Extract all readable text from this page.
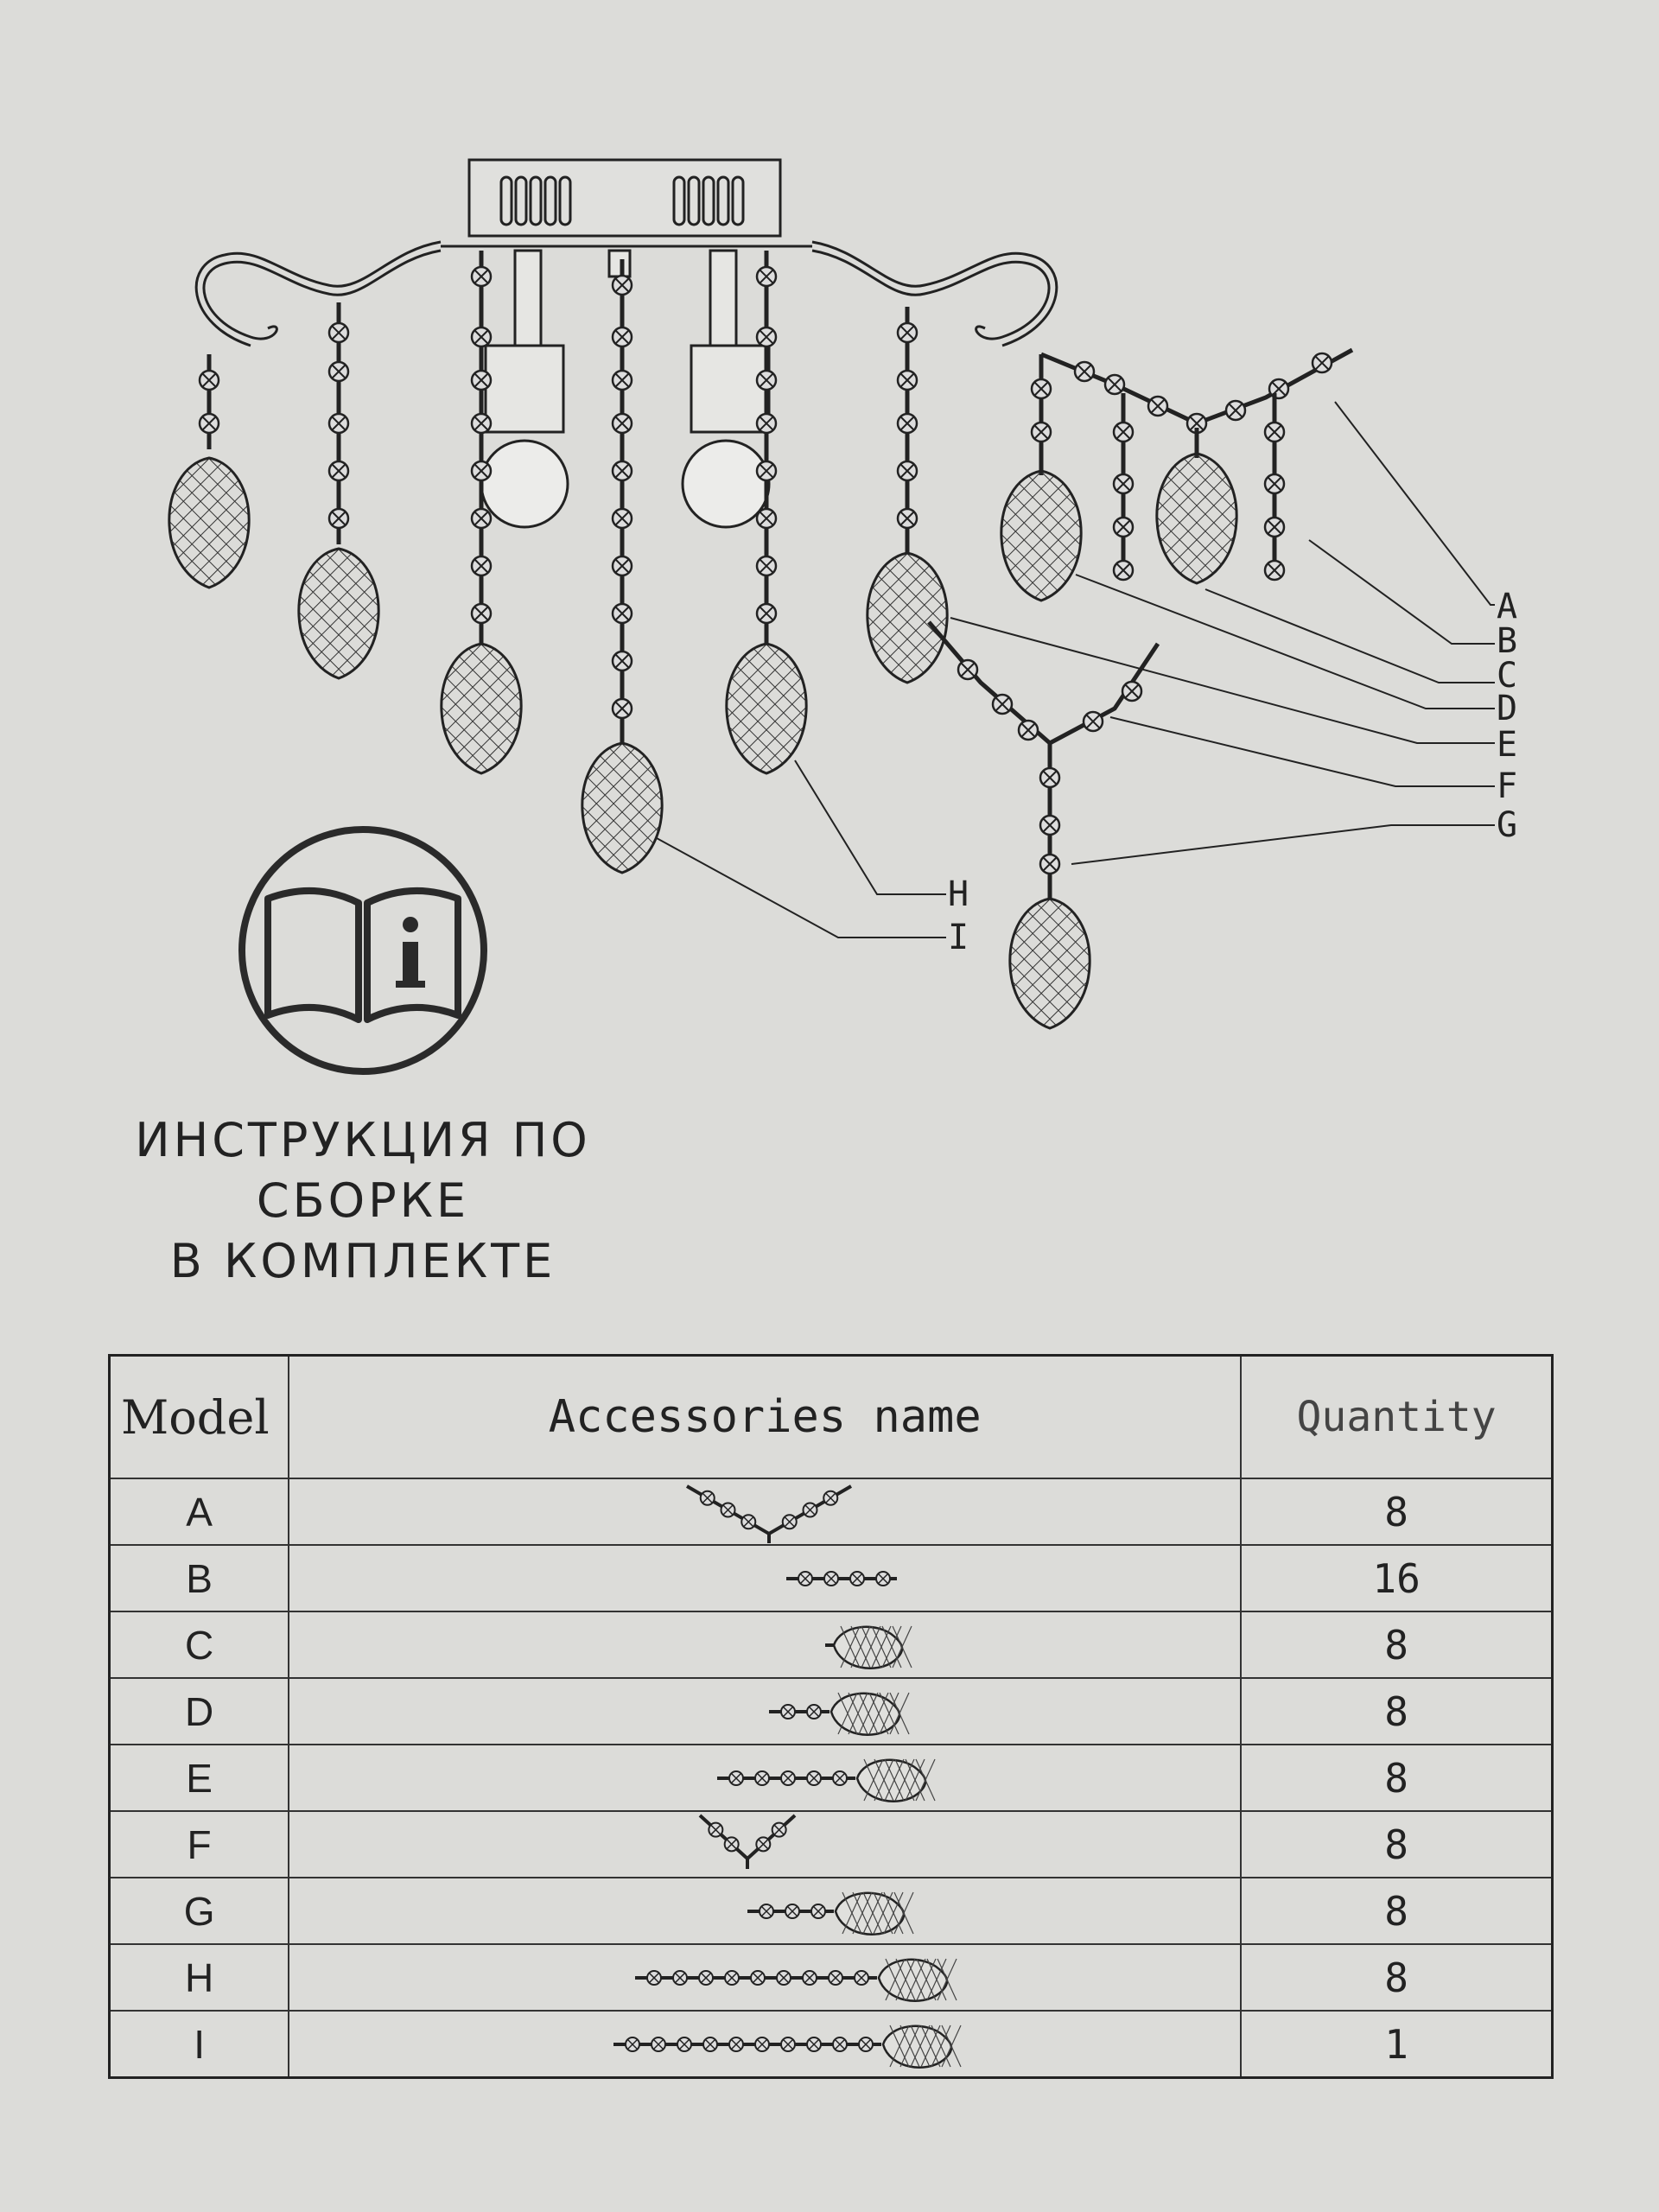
A
B
C
D
E
F
G
H
I
ИНСТРУКЦИЯ ПО
СБОРКЕ
В КОМПЛЕКТЕ
Model	Accessories name	Quantity
A		8
B		16
C		8
D		8
E		8
F		8
G		8
H		8
I		1
